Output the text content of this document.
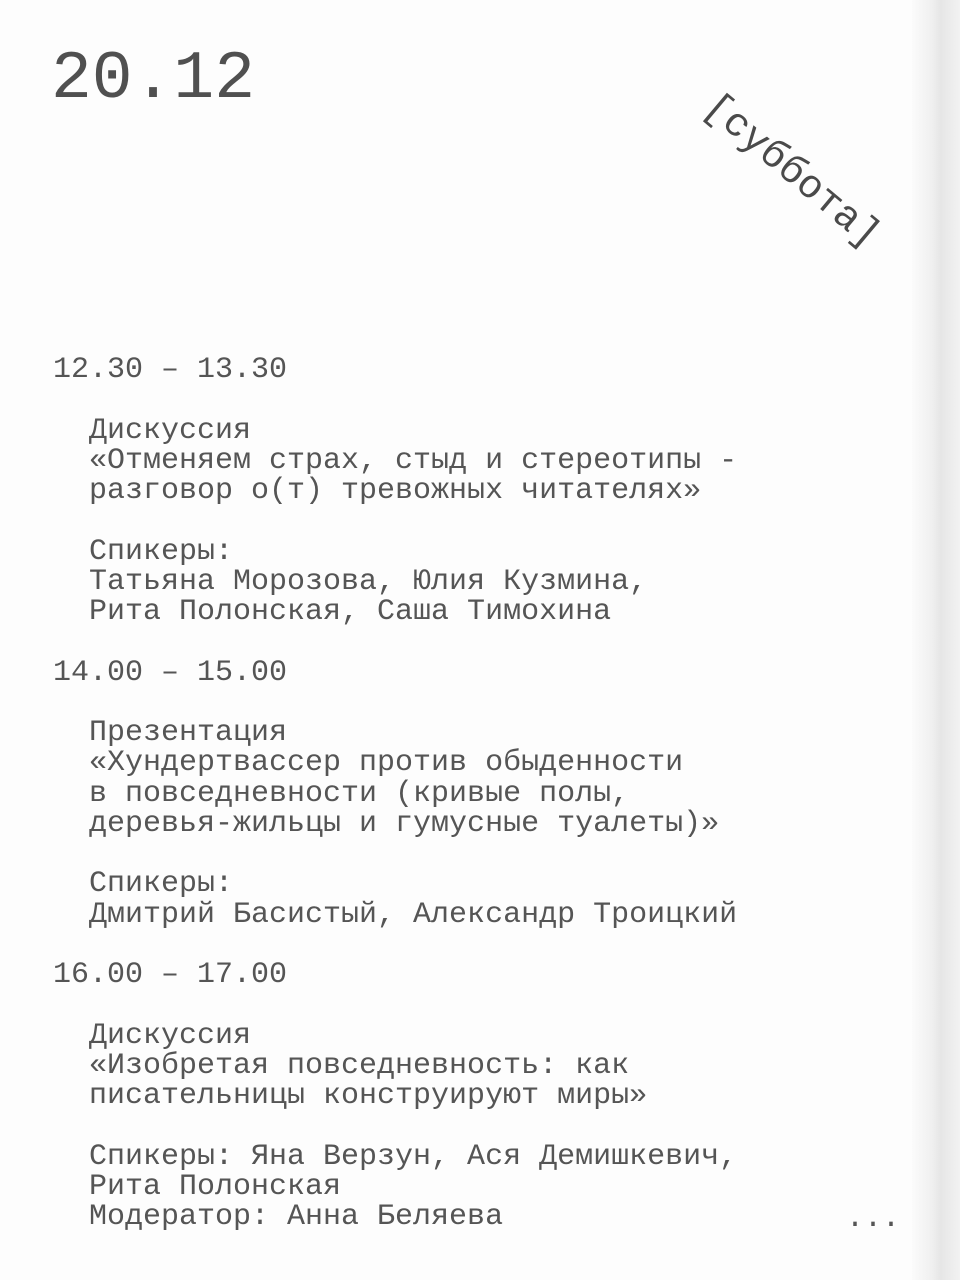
20.12
[суббота]
12.30 – 13.30
Дискуссия
«Отменяем страх, стыд и стереотипы -
разговор о(т) тревожных читателях»
Спикеры:
Татьяна Морозова, Юлия Кузмина,
Рита Полонская, Саша Тимохина
14.00 – 15.00
Презентация
«Хундертвассер против обыденности
в повседневности (кривые полы,
деревья-жильцы и гумусные туалеты)»
Спикеры:
Дмитрий Басистый, Александр Троицкий
16.00 – 17.00
Дискуссия
«Изобретая повседневность: как
писательницы конструируют миры»
Спикеры: Яна Верзун, Ася Демишкевич,
Рита Полонская
Модератор: Анна Беляева	...
